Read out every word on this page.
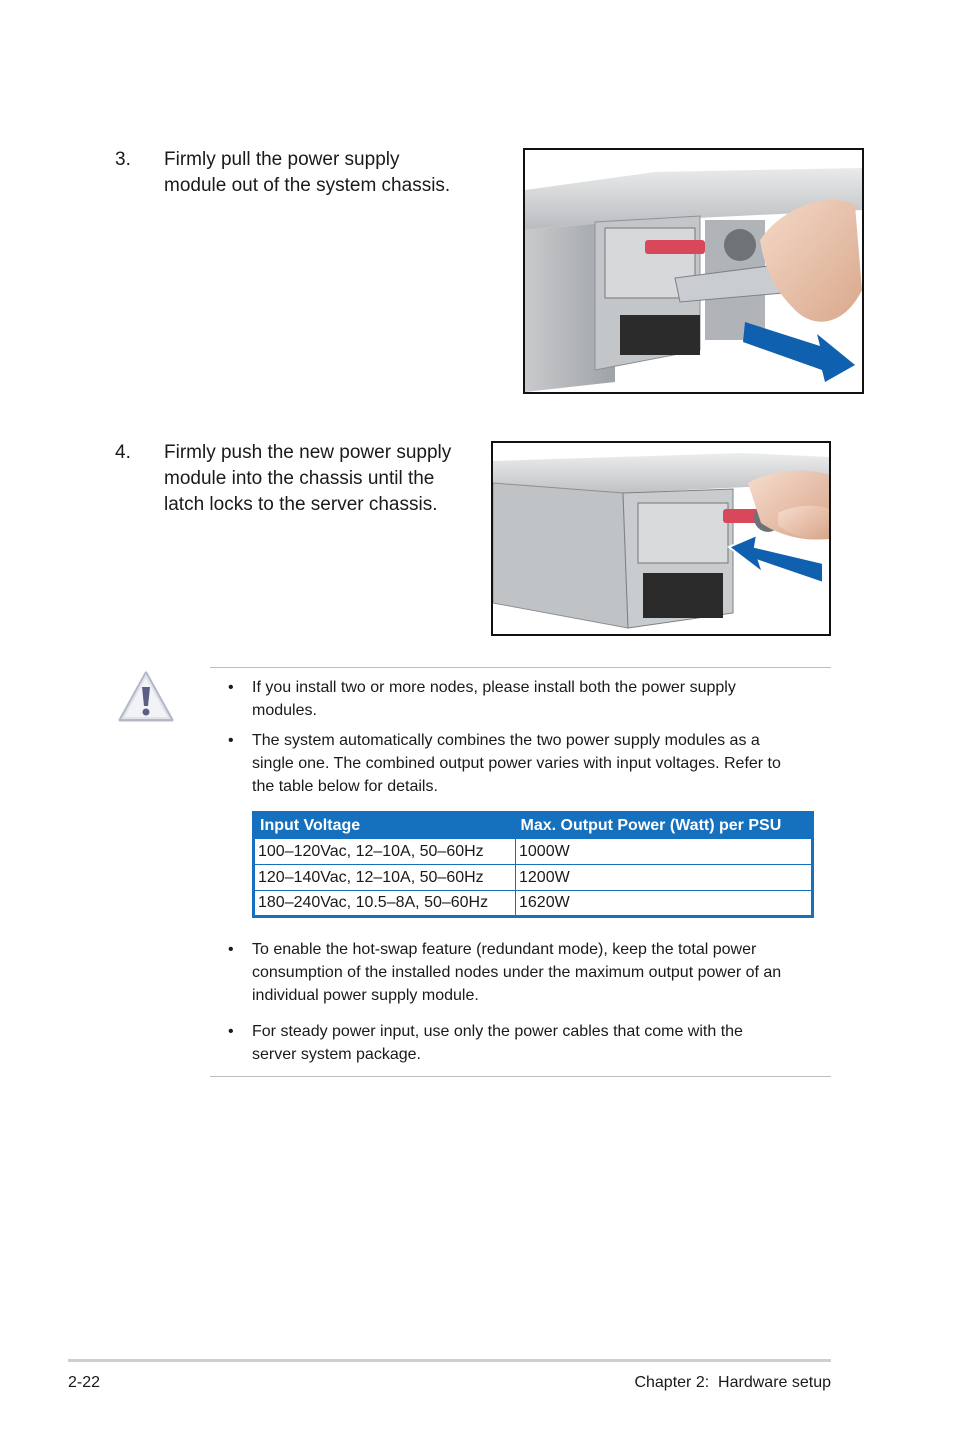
3. Firmly pull the power supply
module out of the system chassis.
4. Firmly push the new power supply
module into the chassis until the
latch locks to the server chassis.
• If you install two or more nodes, please install both the power supply
modules.
• The system automatically combines the two power supply modules as a
single one. The combined output power varies with input voltages. Refer to
the table below for details.
Input Voltage	Max. Output Power (Watt) per PSU
100–120Vac, 12–10A, 50–60Hz	1000W
120–140Vac, 12–10A, 50–60Hz	1200W
180–240Vac, 10.5–8A, 50–60Hz	1620W
• To enable the hot-swap feature (redundant mode), keep the total power
consumption of the installed nodes under the maximum output power of an
individual power supply module.
• For steady power input, use only the power cables that come with the
server system package.
2-22	Chapter 2:  Hardware setup
